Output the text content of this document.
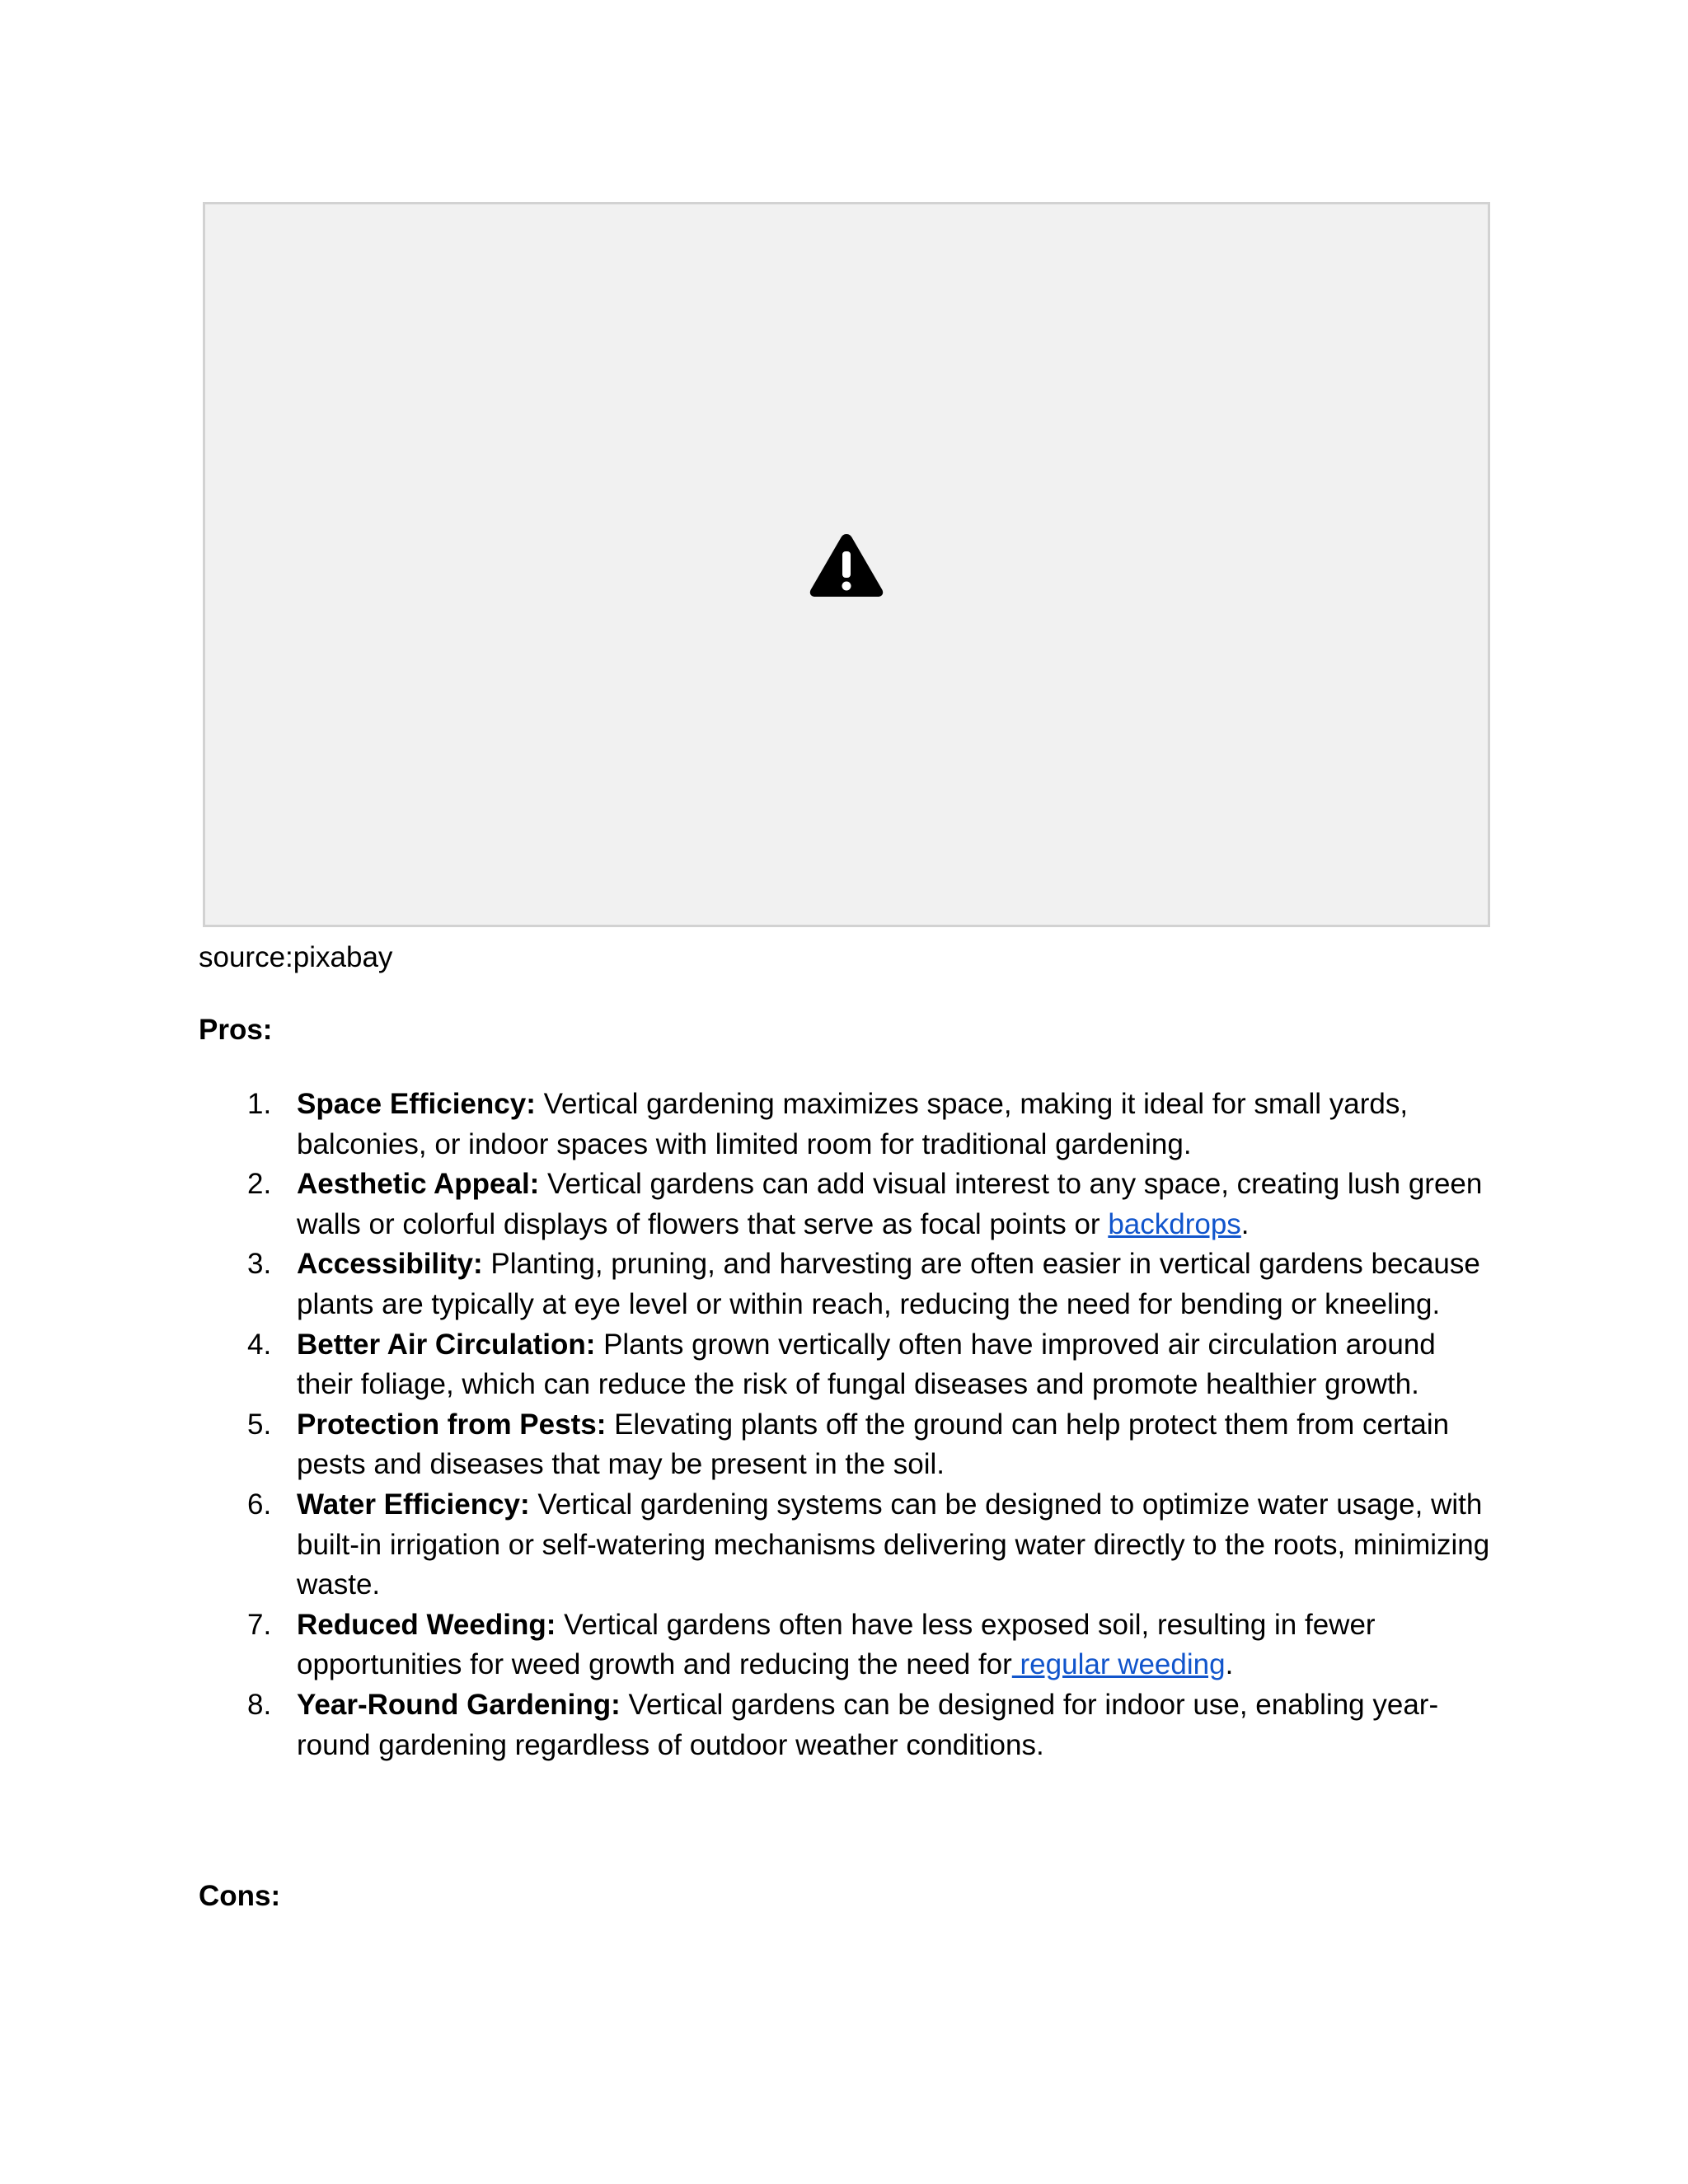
source:pixabay

Pros:

1. Space Efficiency: Vertical gardening maximizes space, making it ideal for small yards, balconies, or indoor spaces with limited room for traditional gardening.
2. Aesthetic Appeal: Vertical gardens can add visual interest to any space, creating lush green walls or colorful displays of flowers that serve as focal points or backdrops.
3. Accessibility: Planting, pruning, and harvesting are often easier in vertical gardens because plants are typically at eye level or within reach, reducing the need for bending or kneeling.
4. Better Air Circulation: Plants grown vertically often have improved air circulation around their foliage, which can reduce the risk of fungal diseases and promote healthier growth.
5. Protection from Pests: Elevating plants off the ground can help protect them from certain pests and diseases that may be present in the soil.
6. Water Efficiency: Vertical gardening systems can be designed to optimize water usage, with built-in irrigation or self-watering mechanisms delivering water directly to the roots, minimizing waste.
7. Reduced Weeding: Vertical gardens often have less exposed soil, resulting in fewer opportunities for weed growth and reducing the need for regular weeding.
8. Year-Round Gardening: Vertical gardens can be designed for indoor use, enabling year-round gardening regardless of outdoor weather conditions.

Cons:
